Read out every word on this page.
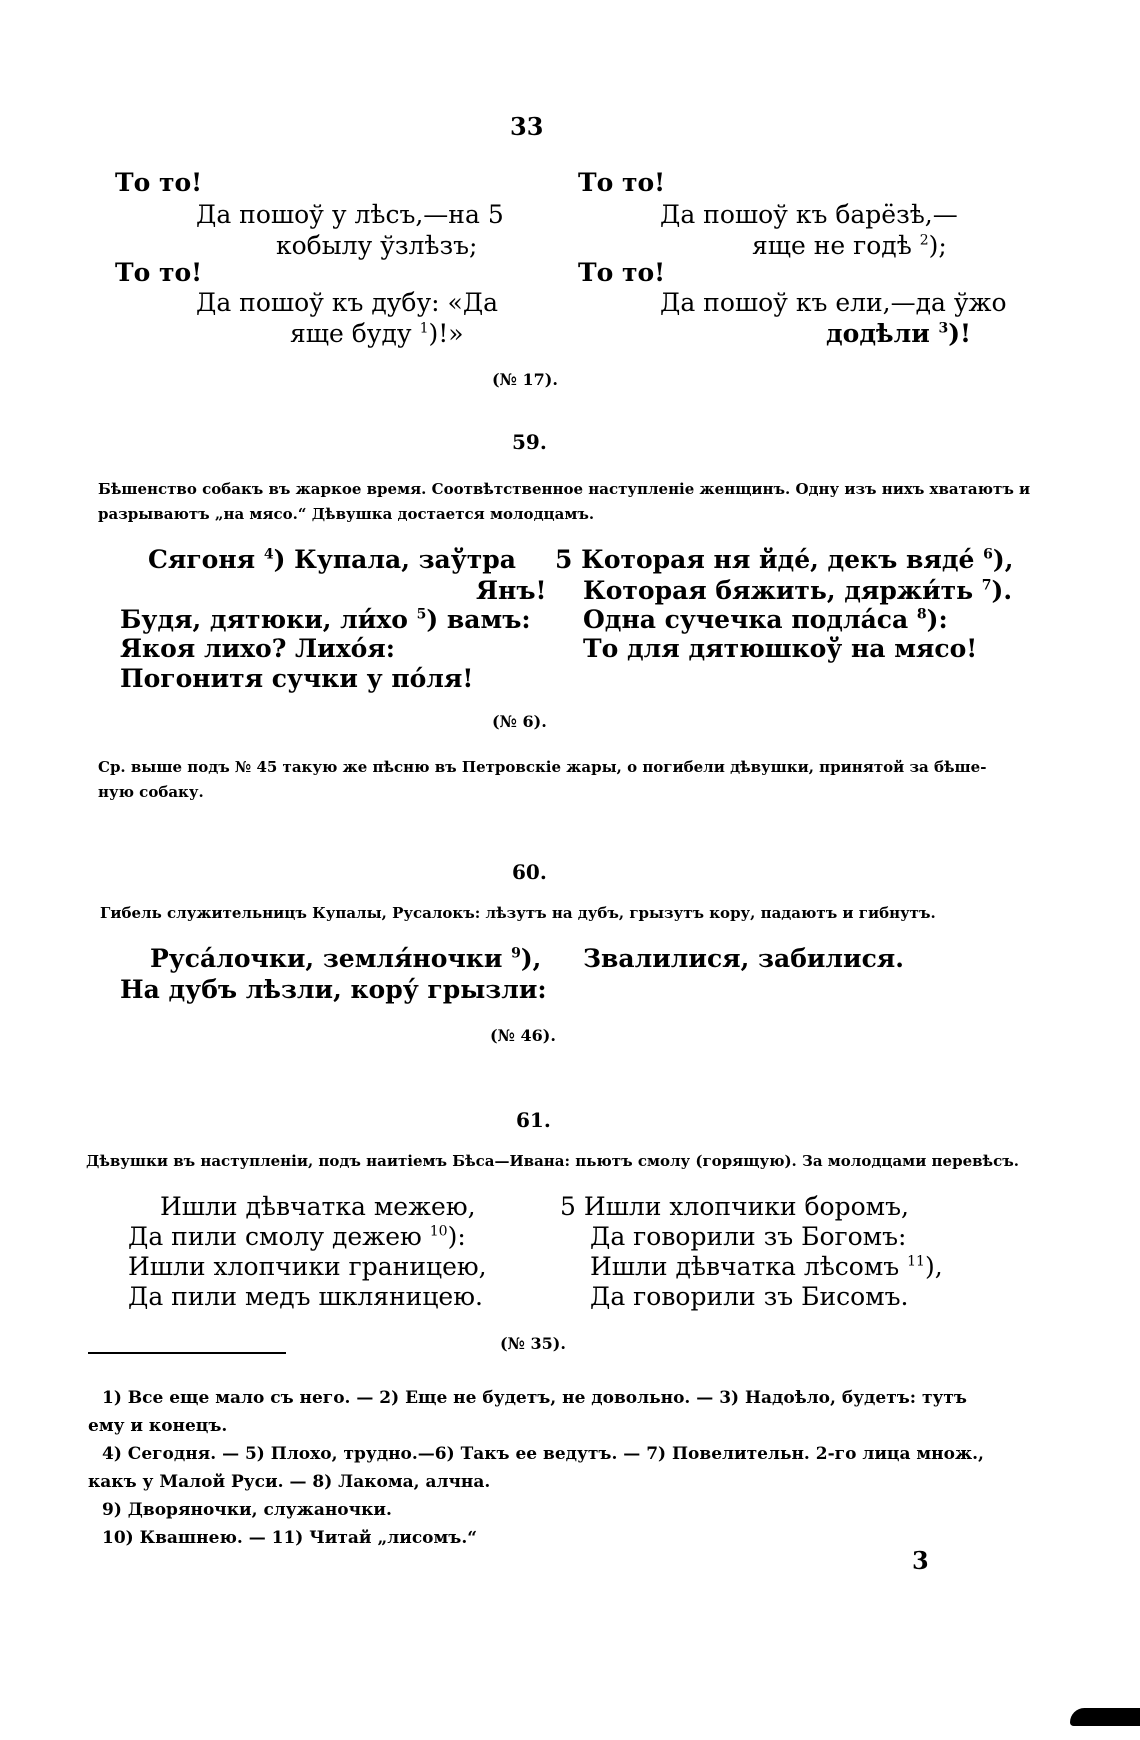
33
То то!
Да пошоў у лѣсъ,—на 5
кобылу ўзлѣзъ;
То то!
Да пошоў къ дубу: «Да
яще буду $^1$)!»
То то!
Да пошоў къ барёзѣ,—
яще не годѣ $^2$);
То то!
Да пошоў къ ели,—да ўжо
додѣли $^3$)!
(№ 17).
59.
Бѣшенство собакъ въ жаркое время. Соотвѣтственное наступленіе женщинъ. Одну изъ нихъ хватаютъ и
разрываютъ „на мясо.“ Дѣвушка достается молодцамъ.
Сягоня $^4$) Купала, заўтра
Янъ!
Будя, дятюки, ли́хо $^5$) вамъ:
Якоя лихо? Лихо́я:
Погонитя сучки у по́ля!
5 Которая ня йдé, декъ вядé $^6$),
Которая бяжить, дяржи́ть $^7$).
Одна сучечка подла́са $^8$):
То для дятюшкоў на мясо!
(№ 6).
Ср. выше подъ № 45 такую же пѣсню въ Петровскіе жары, о погибели дѣвушки, принятой за бѣше-
ную собаку.
60.
Гибель служительницъ Купалы, Русалокъ: лѣзутъ на дубъ, грызутъ кору, падаютъ и гибнутъ.
Руса́лочки, земля́ночки $^9$),
На дубъ лѣзли, кору́ грызли:
Звалилися, забилися.
(№ 46).
61.
Дѣвушки въ наступленіи, подъ наитіемъ Бѣса—Ивана: пьютъ смолу (горящую). За молодцами перевѣсъ.
Ишли дѣвчатка межею,
Да пили смолу дежею $^{10}$):
Ишли хлопчики границею,
Да пили медъ шкляницею.
5 Ишли хлопчики боромъ,
Да говорили зъ Богомъ:
Ишли дѣвчатка лѣсомъ $^{11}$),
Да говорили зъ Бисомъ.
(№ 35).
1) Все еще мало съ него. — 2) Еще не будетъ, не довольно. — 3) Надоѣло, будетъ: тутъ
ему и конецъ.
4) Сегодня. — 5) Плохо, трудно.—6) Такъ ее ведутъ. — 7) Повелительн. 2-го лица множ.,
какъ у Малой Руси. — 8) Лакома, алчна.
9) Дворяночки, служаночки.
10) Квашнею. — 11) Читай „лисомъ.“
3
